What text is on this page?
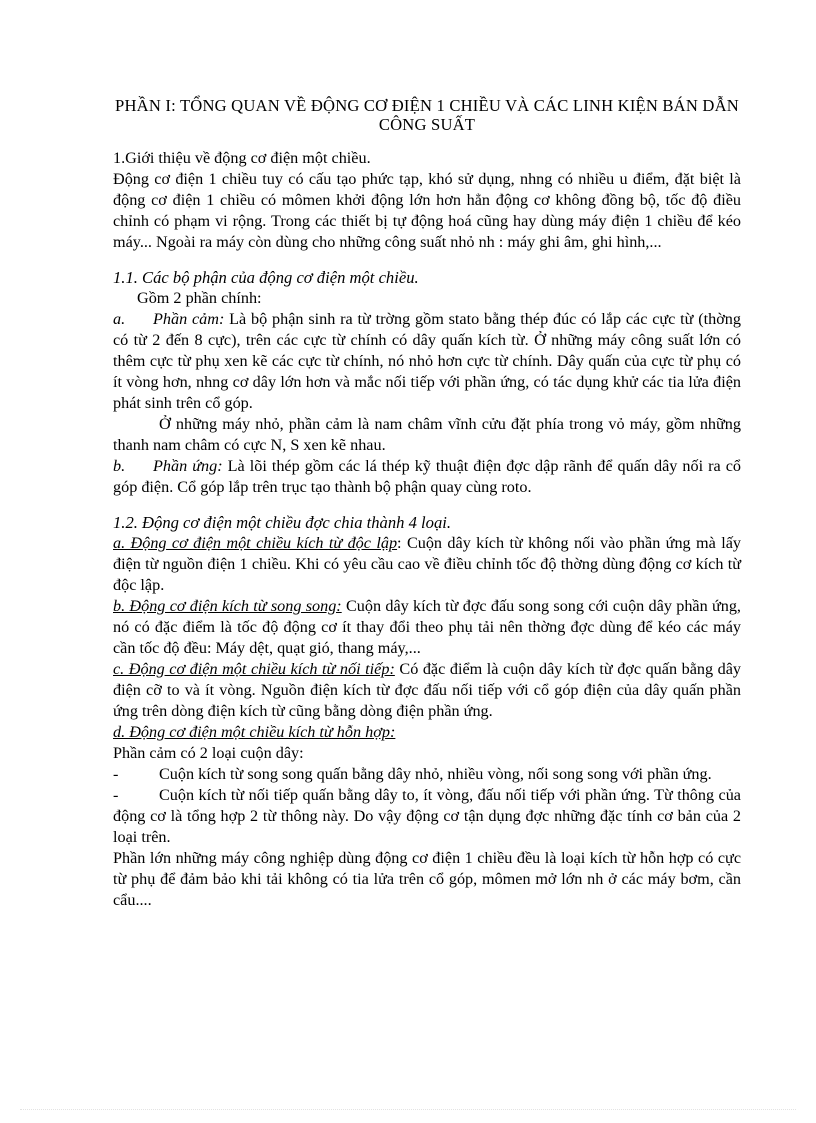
PHẦN I: TỔNG QUAN VỀ ĐỘNG CƠ ĐIỆN 1 CHIỀU VÀ CÁC LINH KIỆN BÁN DẪN CÔNG SUẤT

1.Giới thiệu về động cơ điện một chiều.

Động cơ điện 1 chiều tuy có cấu tạo phức tạp, khó sử dụng, nhng có nhiều u điểm, đặt biệt là động cơ điện 1 chiều có mômen khởi động lớn hơn hẳn động cơ không đồng bộ, tốc độ điều chỉnh có phạm vi rộng. Trong các thiết bị tự động hoá cũng hay dùng máy điện 1 chiều để kéo máy... Ngoài ra máy còn dùng cho những công suất nhỏ nh : máy ghi âm, ghi hình,...

1.1. Các bộ phận của động cơ điện một chiều.

Gồm 2 phần chính:

a. Phần cảm: Là bộ phận sinh ra từ trờng gồm stato bằng thép đúc có lắp các cực từ (thờng có từ 2 đến 8 cực), trên các cực từ chính có dây quấn kích từ. Ở những máy công suất lớn có thêm cực từ phụ xen kẽ các cực từ chính, nó nhỏ hơn cực từ chính. Dây quấn của cực từ phụ có ít vòng hơn, nhng cơ dây lớn hơn và mắc nối tiếp với phần ứng, có tác dụng khử các tia lửa điện phát sinh trên cổ góp.

Ở những máy nhỏ, phần cảm là nam châm vĩnh cửu đặt phía trong vỏ máy, gồm những thanh nam châm có cực N, S xen kẽ nhau.

b. Phần ứng: Là lõi thép gồm các lá thép kỹ thuật điện đợc dập rãnh để quấn dây nối ra cổ góp điện. Cổ góp lắp trên trục tạo thành bộ phận quay cùng roto.

1.2. Động cơ điện một chiều đợc chia thành 4 loại.

a. Động cơ điện một chiều kích từ độc lập: Cuộn dây kích từ không nối vào phần ứng mà lấy điện từ nguồn điện 1 chiều. Khi có yêu cầu cao về điều chỉnh tốc độ thờng dùng động cơ kích từ độc lập.

b. Động cơ điện kích từ song song: Cuộn dây kích từ đợc đấu song song cới cuộn dây phần ứng, nó có đặc điểm là tốc độ động cơ ít thay đổi theo phụ tải nên thờng đợc dùng để kéo các máy cần tốc độ đều: Máy dệt, quạt gió, thang máy,...

c. Động cơ điện một chiều kích từ nối tiếp: Có đặc điểm là cuộn dây kích từ đợc quấn bằng dây điện cỡ to và ít vòng. Nguồn điện kích từ đợc đấu nối tiếp với cổ góp điện của dây quấn phần ứng trên dòng điện kích từ cũng bằng dòng điện phần ứng.

d. Động cơ điện một chiều kích từ hỗn hợp:

Phần cảm có 2 loại cuộn dây:

-	Cuộn kích từ song song quấn bằng dây nhỏ, nhiều vòng, nối song song với phần ứng.

-	Cuộn kích từ nối tiếp quấn bằng dây to, ít vòng, đấu nối tiếp với phần ứng. Từ thông của động cơ là tổng hợp 2 từ thông này. Do vậy động cơ tận dụng đợc những đặc tính cơ bản của 2 loại trên.

Phần lớn những máy công nghiệp dùng động cơ điện 1 chiều đều là loại kích từ hỗn hợp có cực từ phụ để đảm bảo khi tải không có tia lửa trên cổ góp, mômen mở lớn nh ở các máy bơm, cần cẩu....
